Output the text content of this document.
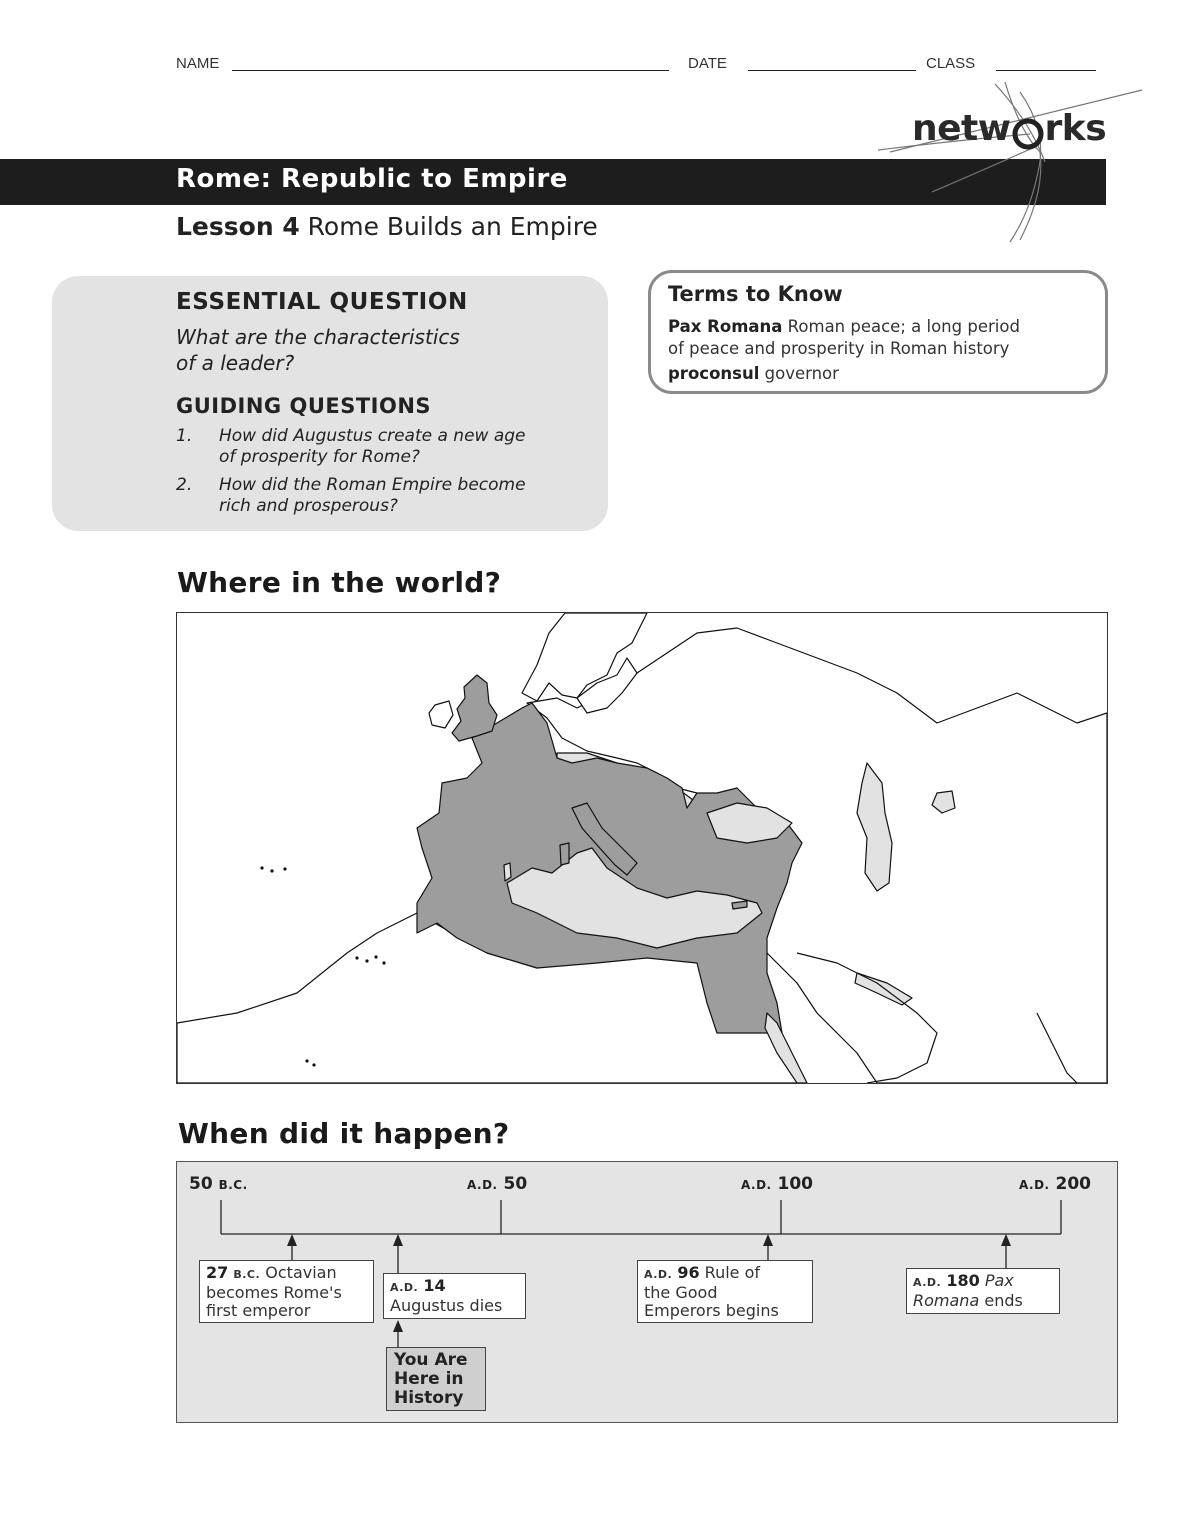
NAME	DATE	CLASS
Rome: Republic to Empire
netw rks
Lesson 4 Rome Builds an Empire
ESSENTIAL QUESTION
What are the characteristics
of a leader?
GUIDING QUESTIONS
1. How did Augustus create a new age
of prosperity for Rome?
2. How did the Roman Empire become
rich and prosperous?
Terms to Know
Pax Romana Roman peace; a long period
of peace and prosperity in Roman history
proconsul governor
Where in the world?
When did it happen?
50 B.C.	A.D. 50	A.D. 100	A.D. 200
27 B.C. Octavian
becomes Rome's
first emperor
A.D. 14
Augustus dies
A.D. 96 Rule of
the Good
Emperors begins
A.D. 180 Pax
Romana ends
You Are
Here in
History
